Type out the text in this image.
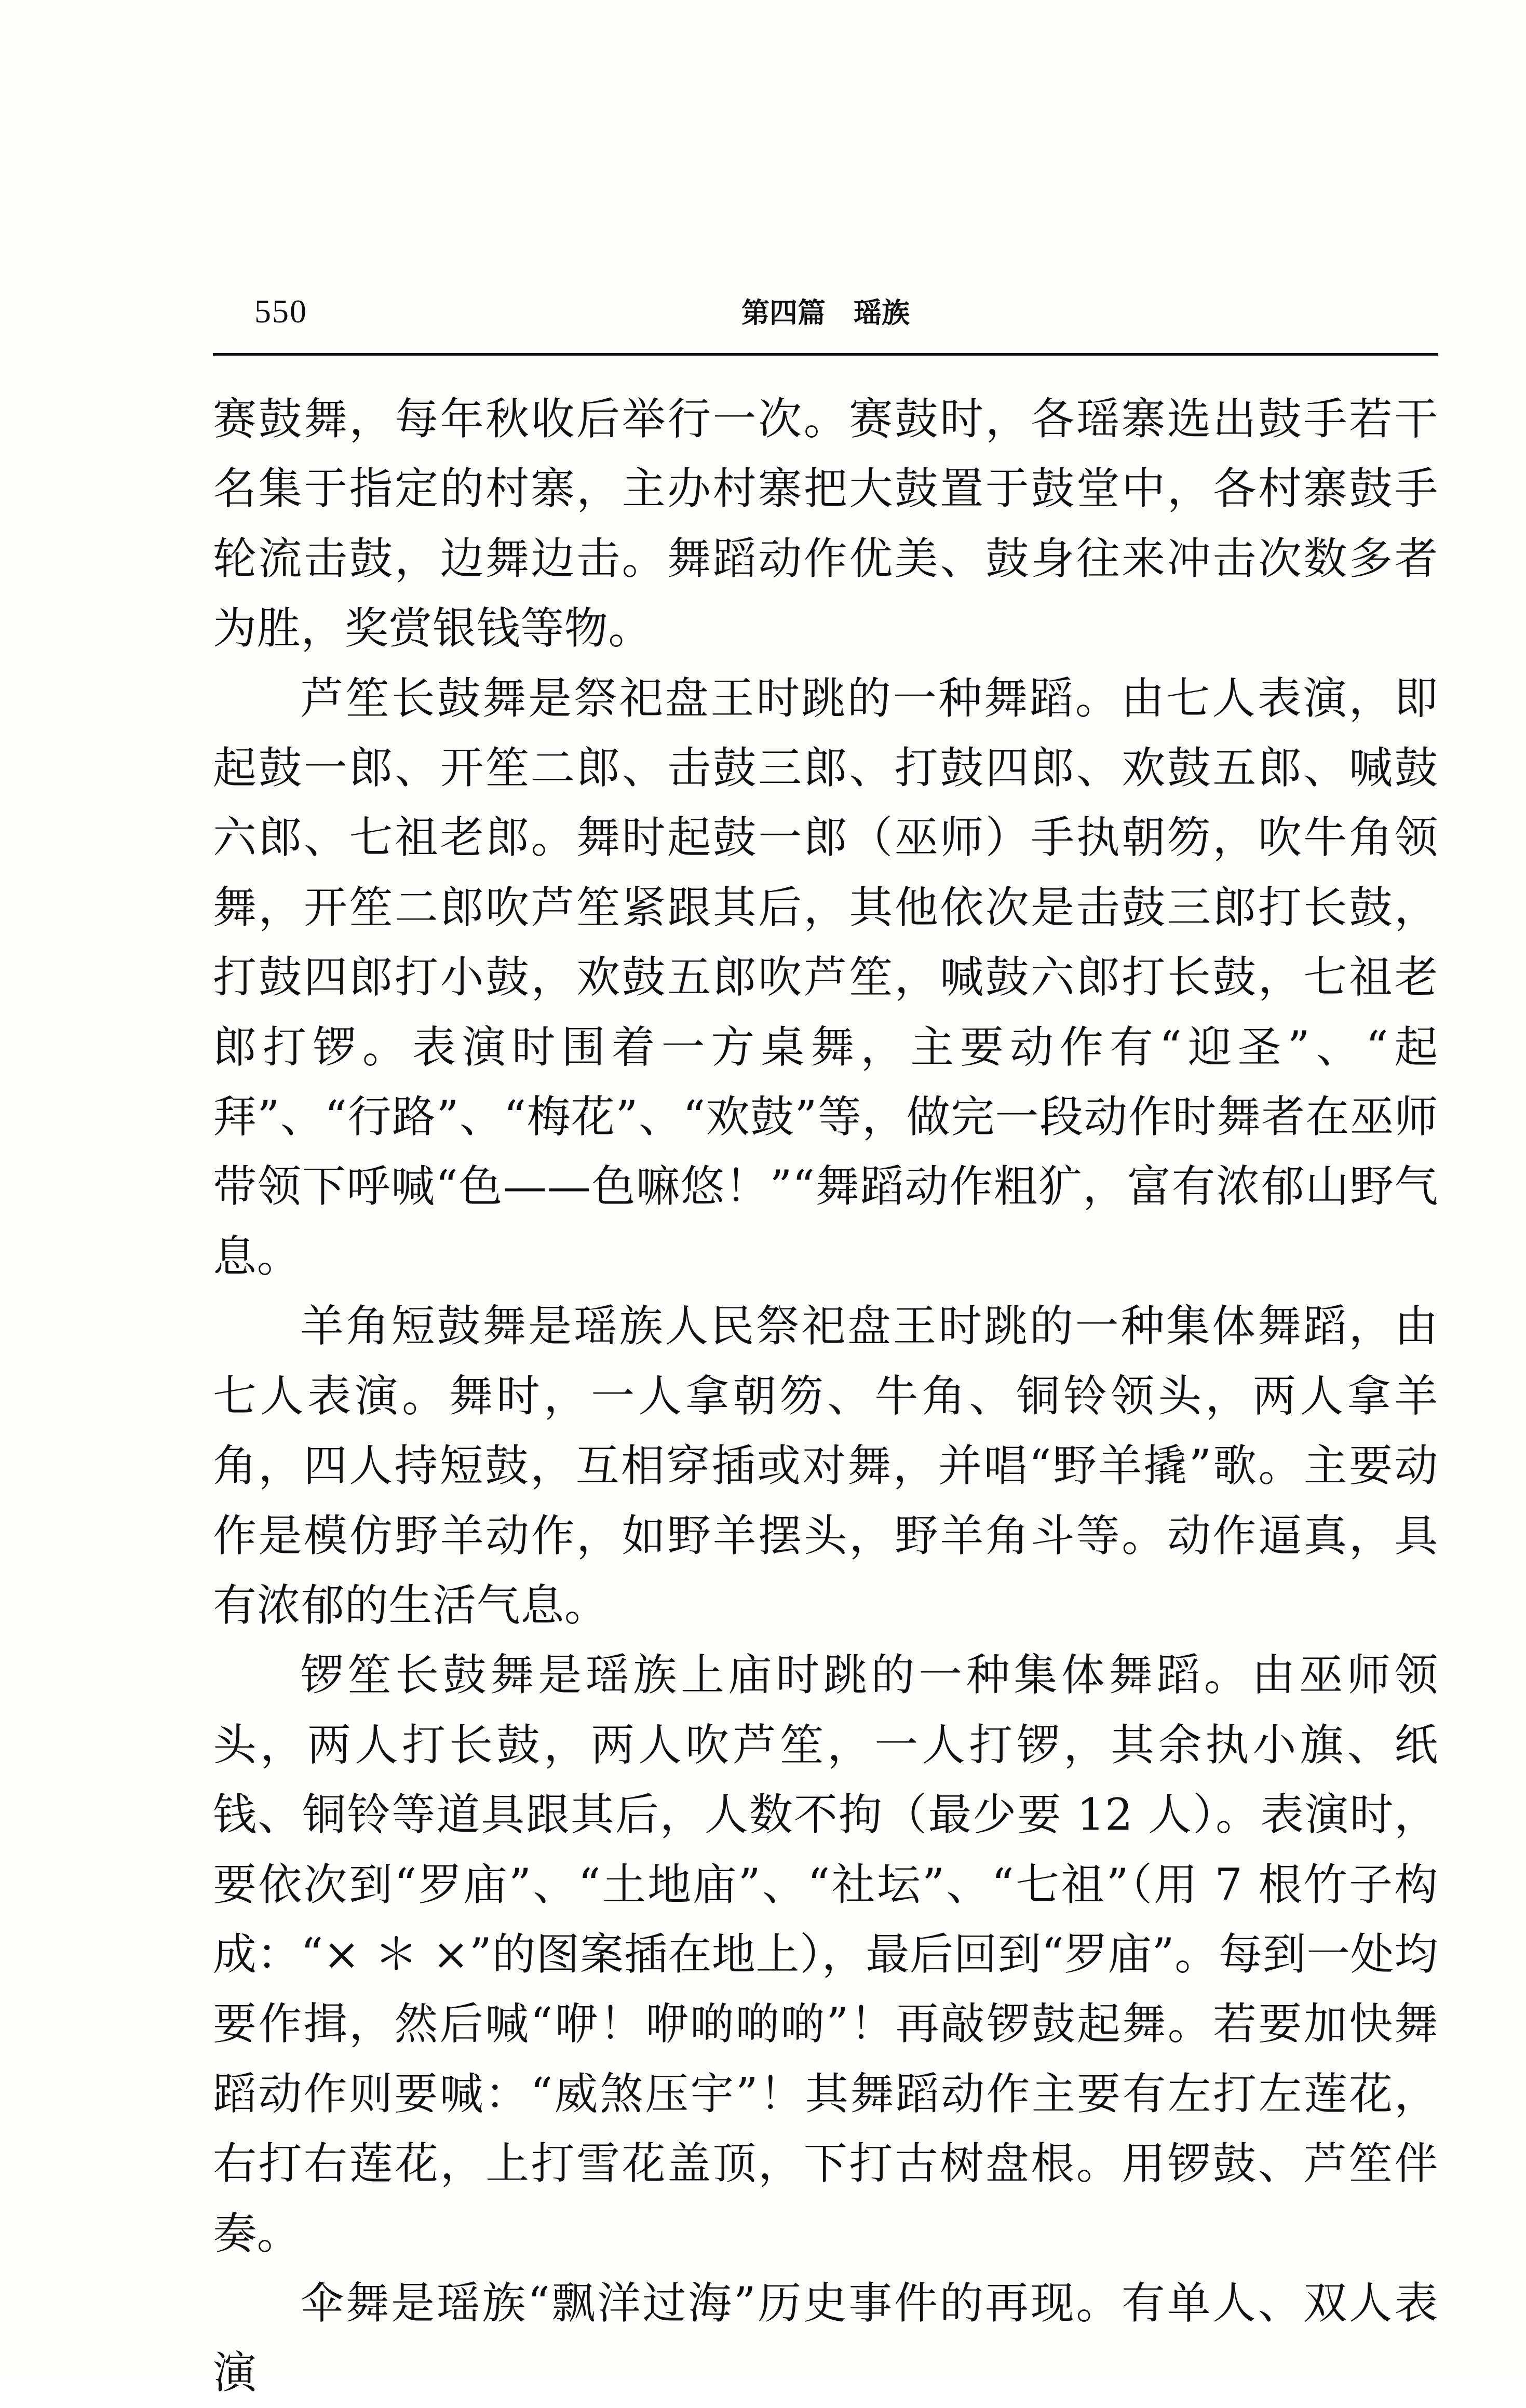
550	第四篇　瑶族

赛鼓舞，每年秋收后举行一次。赛鼓时，各瑶寨选出鼓手若干名集于指定的村寨，主办村寨把大鼓置于鼓堂中，各村寨鼓手轮流击鼓，边舞边击。舞蹈动作优美、鼓身往来冲击次数多者为胜，奖赏银钱等物。

芦笙长鼓舞是祭祀盘王时跳的一种舞蹈。由七人表演，即起鼓一郎、开笙二郎、击鼓三郎、打鼓四郎、欢鼓五郎、喊鼓六郎、七祖老郎。舞时起鼓一郎（巫师）手执朝笏，吹牛角领舞，开笙二郎吹芦笙紧跟其后，其他依次是击鼓三郎打长鼓，打鼓四郎打小鼓，欢鼓五郎吹芦笙，喊鼓六郎打长鼓，七祖老郎打锣。表演时围着一方桌舞，主要动作有“迎圣”、“起拜”、“行路”、“梅花”、“欢鼓”等，做完一段动作时舞者在巫师带领下呼喊“色——色嘛悠！”“舞蹈动作粗犷，富有浓郁山野气息。

羊角短鼓舞是瑶族人民祭祀盘王时跳的一种集体舞蹈，由七人表演。舞时，一人拿朝笏、牛角、铜铃领头，两人拿羊角，四人持短鼓，互相穿插或对舞，并唱“野羊撬”歌。主要动作是模仿野羊动作，如野羊摆头，野羊角斗等。动作逼真，具有浓郁的生活气息。

锣笙长鼓舞是瑶族上庙时跳的一种集体舞蹈。由巫师领头，两人打长鼓，两人吹芦笙，一人打锣，其余执小旗、纸钱、铜铃等道具跟其后，人数不拘（最少要 12 人）。表演时，要依次到“罗庙”、“土地庙”、“社坛”、“七祖”（用 7 根竹子构成：“× ＊ ×”的图案插在地上），最后回到“罗庙”。每到一处均要作揖，然后喊“咿！咿啲啲啲”！再敲锣鼓起舞。若要加快舞蹈动作则要喊：“威煞压宇”！其舞蹈动作主要有左打左莲花，右打右莲花，上打雪花盖顶，下打古树盘根。用锣鼓、芦笙伴奏。

伞舞是瑶族“飘洋过海”历史事件的再现。有单人、双人表演
